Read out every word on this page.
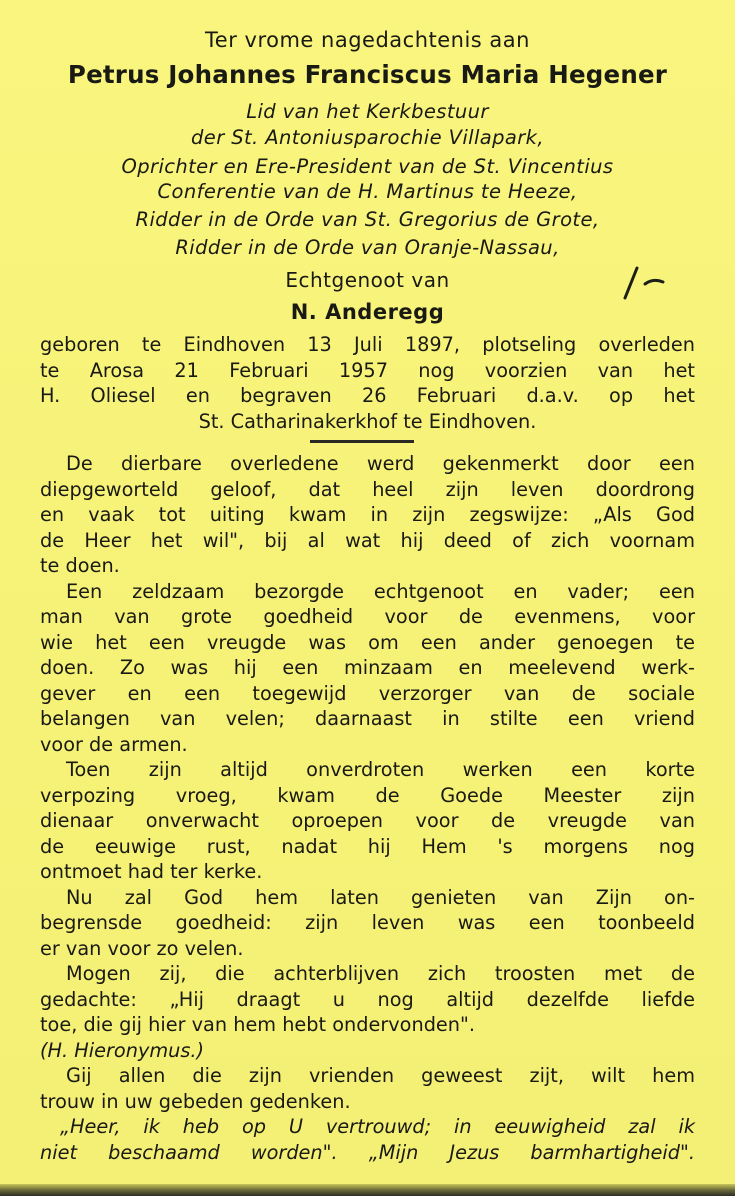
Ter vrome nagedachtenis aan
Petrus Johannes Franciscus Maria Hegener
Lid van het Kerkbestuur
der St. Antoniusparochie Villapark,
Oprichter en Ere-President van de St. Vincentius
Conferentie van de H. Martinus te Heeze,
Ridder in de Orde van St. Gregorius de Grote,
Ridder in de Orde van Oranje-Nassau,
Echtgenoot van
N. Anderegg
geboren te Eindhoven 13 Juli 1897, plotseling overleden
te Arosa 21 Februari 1957 nog voorzien van het
H. Oliesel en begraven 26 Februari d.a.v. op het
St. Catharinakerkhof te Eindhoven.
De dierbare overledene werd gekenmerkt door een
diepgeworteld geloof, dat heel zijn leven doordrong
en vaak tot uiting kwam in zijn zegswijze: „Als God
de Heer het wil", bij al wat hij deed of zich voornam
te doen.
Een zeldzaam bezorgde echtgenoot en vader; een
man van grote goedheid voor de evenmens, voor
wie het een vreugde was om een ander genoegen te
doen. Zo was hij een minzaam en meelevend werk-
gever en een toegewijd verzorger van de sociale
belangen van velen; daarnaast in stilte een vriend
voor de armen.
Toen zijn altijd onverdroten werken een korte
verpozing vroeg, kwam de Goede Meester zijn
dienaar onverwacht oproepen voor de vreugde van
de eeuwige rust, nadat hij Hem 's morgens nog
ontmoet had ter kerke.
Nu zal God hem laten genieten van Zijn on-
begrensde goedheid: zijn leven was een toonbeeld
er van voor zo velen.
Mogen zij, die achterblijven zich troosten met de
gedachte: „Hij draagt u nog altijd dezelfde liefde
toe, die gij hier van hem hebt ondervonden".
(H. Hieronymus.)
Gij allen die zijn vrienden geweest zijt, wilt hem
trouw in uw gebeden gedenken.
„Heer, ik heb op U vertrouwd; in eeuwigheid zal ik
niet beschaamd worden". „Mijn Jezus barmhartigheid".
